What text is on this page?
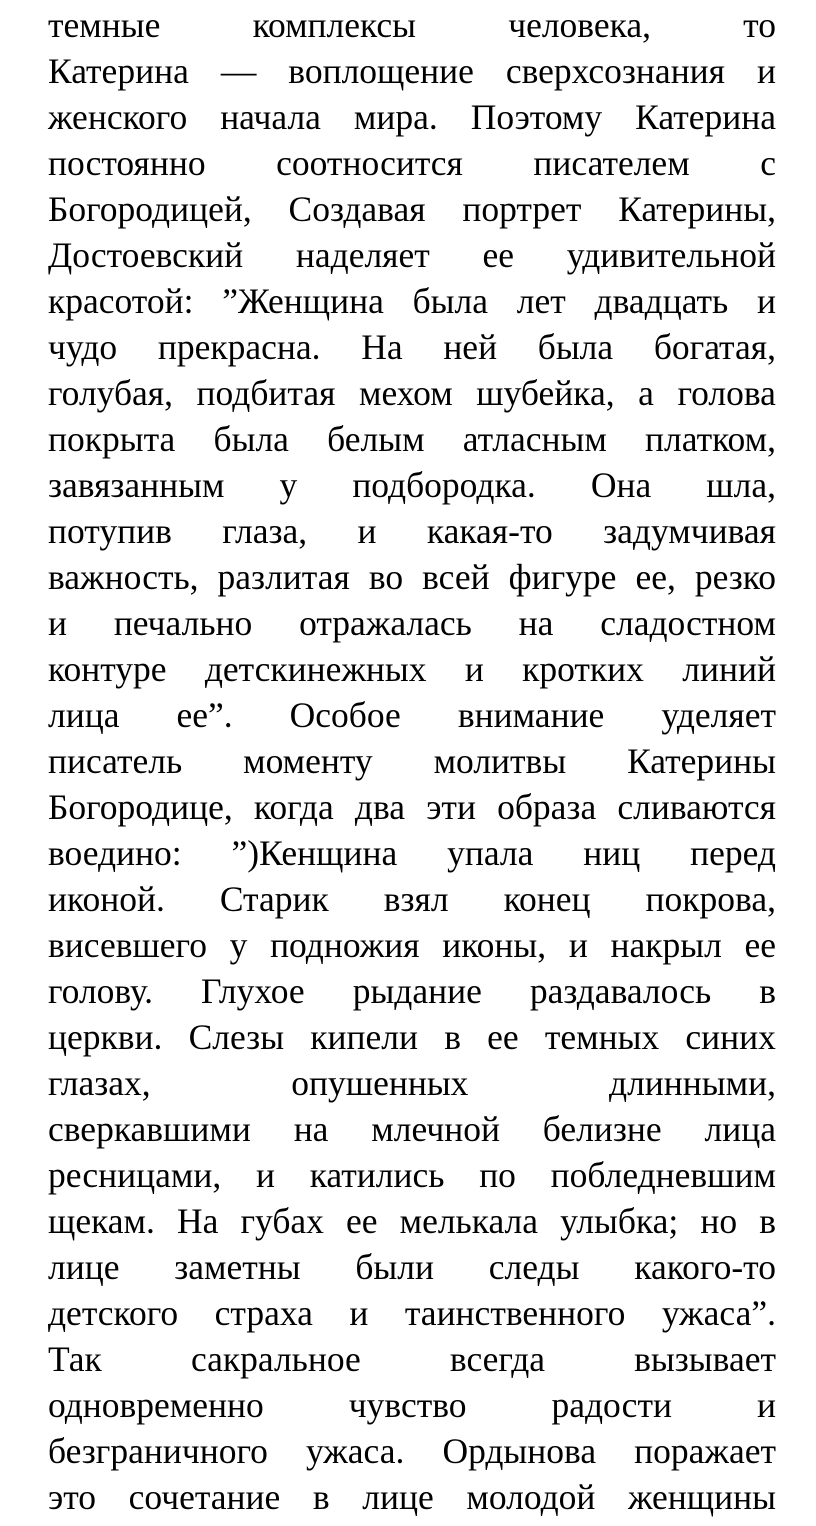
темные	комплексы	человека,	то
Катерина — воплощение сверхсознания и
женского начала мира. Поэтому Катерина
постоянно соотносится писателем с
Богородицей, Создавая портрет Катерины,
Достоевский наделяет ее удивительной
красотой: ”Женщина была лет двадцать и
чудо прекрасна. На ней была богатая,
голубая, подбитая мехом шубейка, а голова
покрыта была белым атласным платком,
завязанным у подбородка. Она шла,
потупив глаза, и какая-то задумчивая
важность, разлитая во всей фигуре ее, резко
и печально отражалась на сладостном
контуре детскинежных и кротких линий
лица ее”. Особое внимание уделяет
писатель моменту молитвы Катерины
Богородице, когда два эти образа сливаются
воедино: ”)Кенщина упала ниц перед
иконой. Старик взял конец покрова,
висевшего у подножия иконы, и накрыл ее
голову. Глухое рыдание раздавалось в
церкви. Слезы кипели в ее темных синих
глазах,	опушенных	длинными,
сверкавшими на млечной белизне лица
ресницами, и катились по побледневшим
щекам. На губах ее мелькала улыбка; но в
лице заметны были следы какого-то
детского страха и таинственного ужаса”.
Так	сакральное	всегда	вызывает
одновременно чувство радости и
безграничного ужаса. Ордынова поражает
это сочетание в лице молодой женщины
